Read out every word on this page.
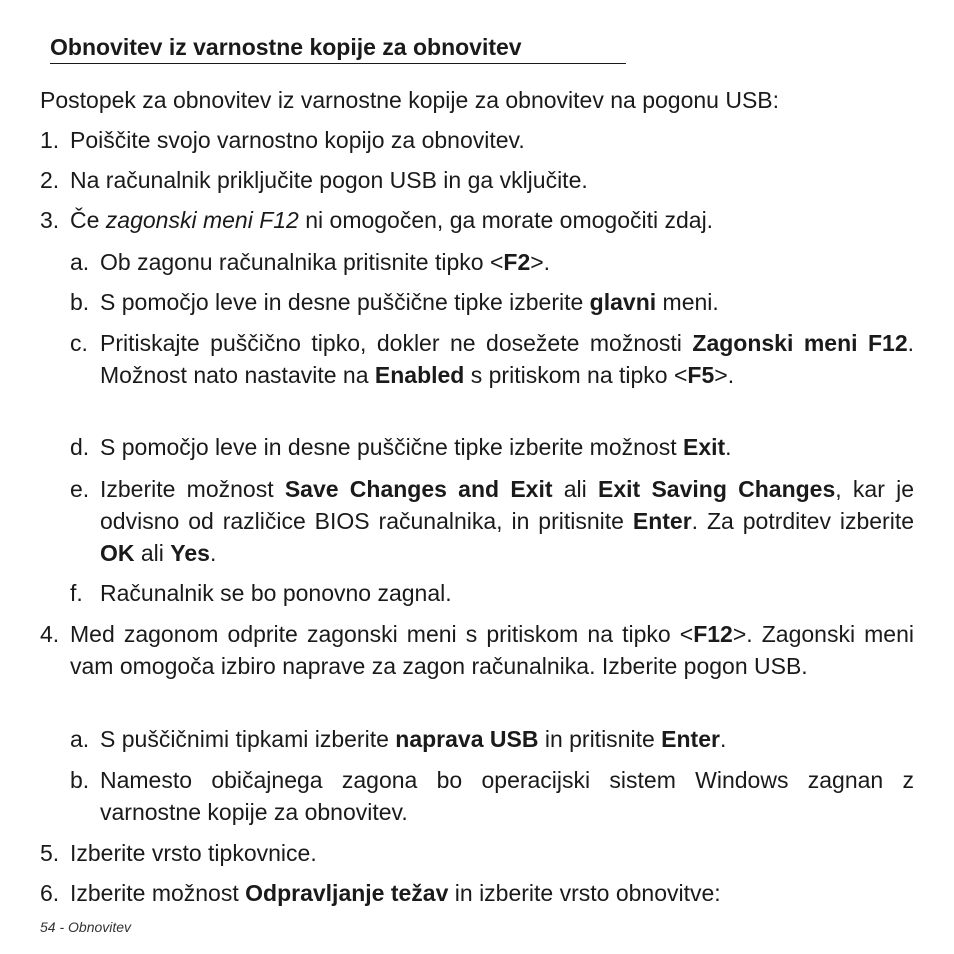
Obnovitev iz varnostne kopije za obnovitev
Postopek za obnovitev iz varnostne kopije za obnovitev na pogonu USB:
1. Poiščite svojo varnostno kopijo za obnovitev.
2. Na računalnik priključite pogon USB in ga vključite.
3. Če zagonski meni F12 ni omogočen, ga morate omogočiti zdaj.
a. Ob zagonu računalnika pritisnite tipko <F2>.
b. S pomočjo leve in desne puščične tipke izberite glavni meni.
c. Pritiskajte puščično tipko, dokler ne dosežete možnosti Zagonski meni F12. Možnost nato nastavite na Enabled s pritiskom na tipko <F5>.
d. S pomočjo leve in desne puščične tipke izberite možnost Exit.
e. Izberite možnost Save Changes and Exit ali Exit Saving Changes, kar je odvisno od različice BIOS računalnika, in pritisnite Enter. Za potrditev izberite OK ali Yes.
f. Računalnik se bo ponovno zagnal.
4. Med zagonom odprite zagonski meni s pritiskom na tipko <F12>. Zagonski meni vam omogoča izbiro naprave za zagon računalnika. Izberite pogon USB.
a. S puščičnimi tipkami izberite naprava USB in pritisnite Enter.
b. Namesto običajnega zagona bo operacijski sistem Windows zagnan z varnostne kopije za obnovitev.
5. Izberite vrsto tipkovnice.
6. Izberite možnost Odpravljanje težav in izberite vrsto obnovitve:
54 - Obnovitev
